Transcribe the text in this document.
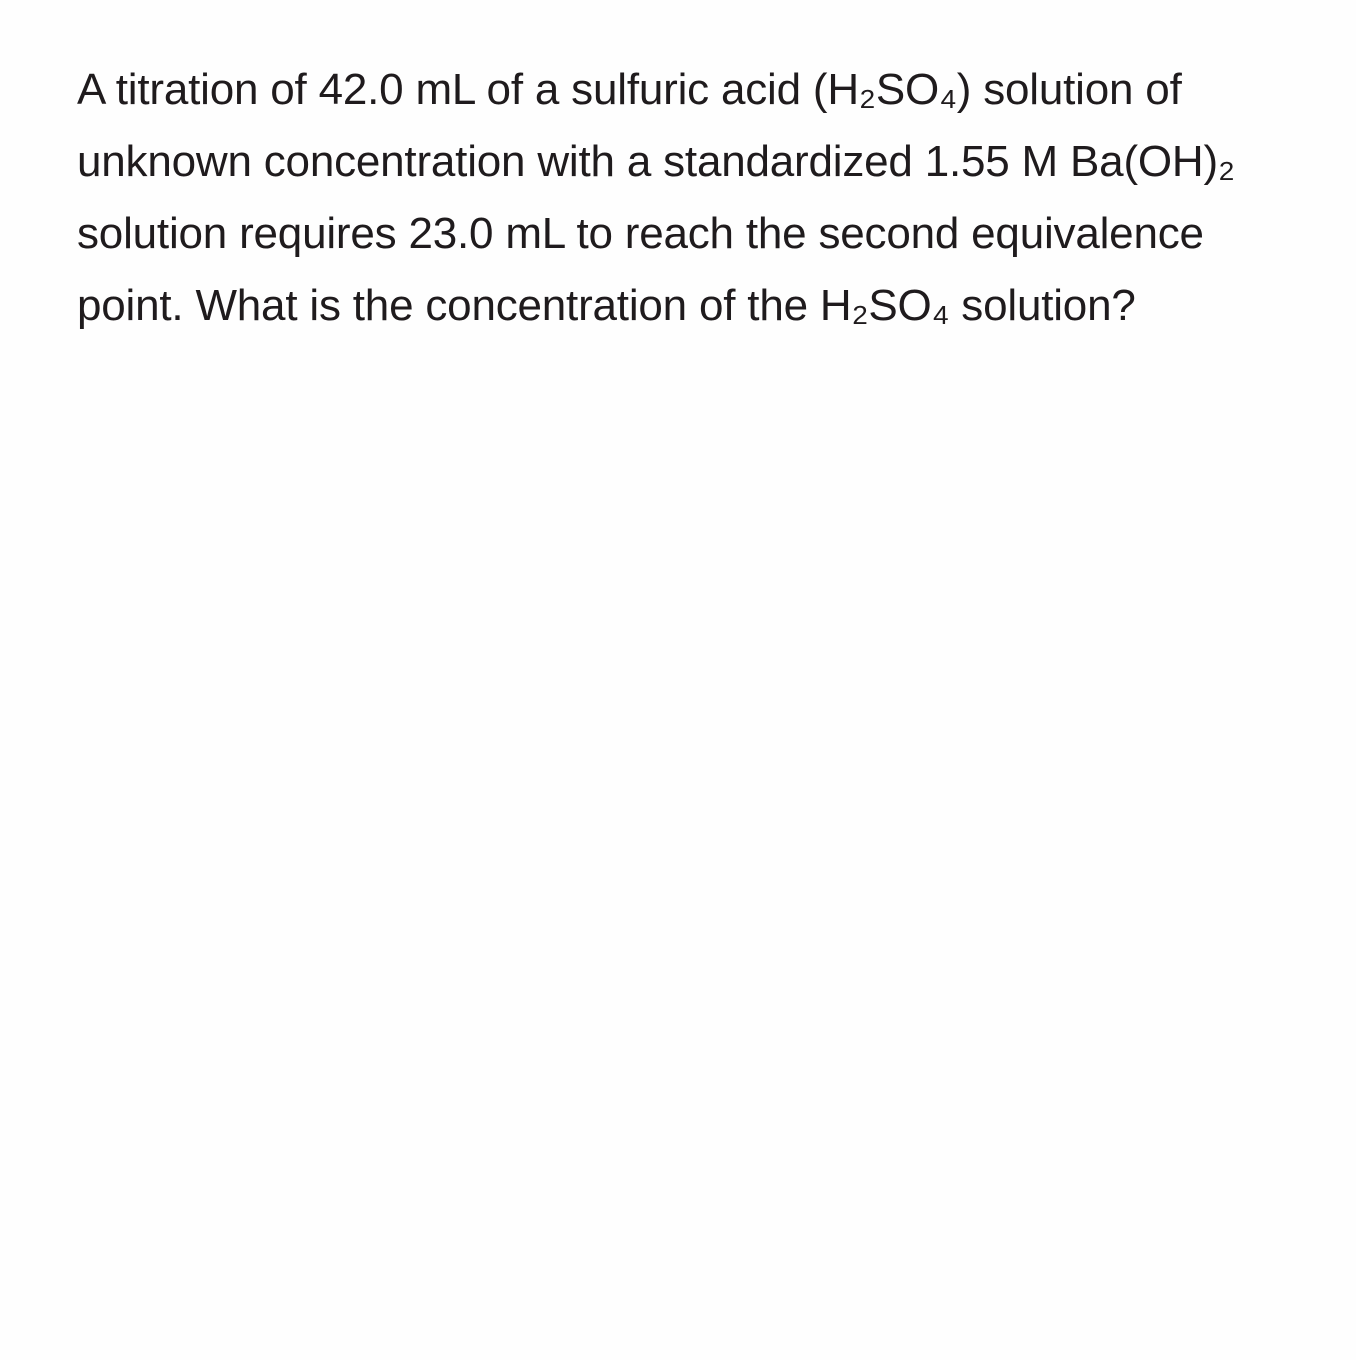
A titration of 42.0 mL of a sulfuric acid (H₂SO₄) solution of
unknown concentration with a standardized 1.55 M Ba(OH)₂
solution requires 23.0 mL to reach the second equivalence
point. What is the concentration of the H₂SO₄ solution?
